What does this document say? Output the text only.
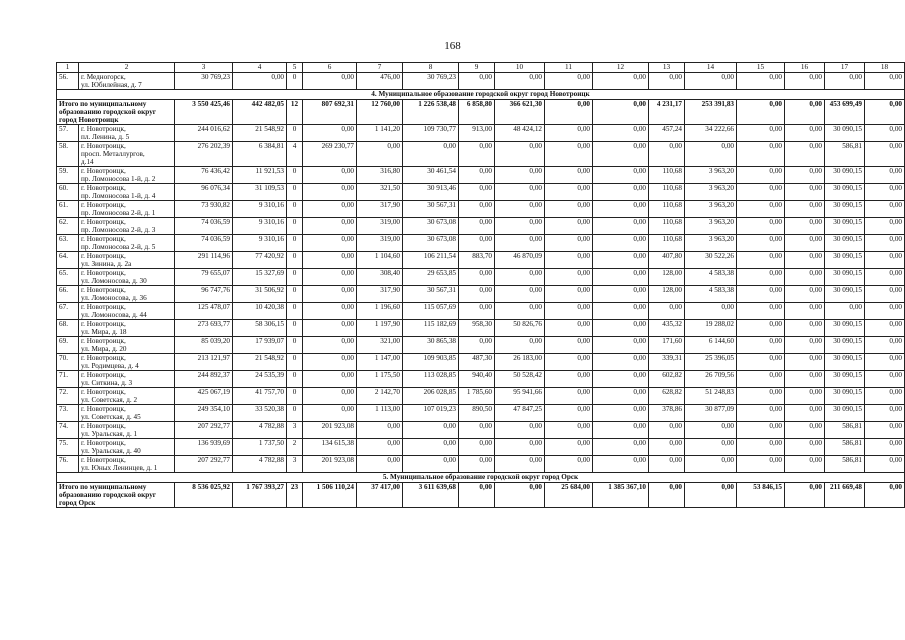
168
1	2	3	4	5	6	7	8	9	10	11	12	13	14	15	16	17	18
56.	г. Медногорск,
ул. Юбилейная, д. 7	30 769,23	0,00	0	0,00	476,00	30 769,23	0,00	0,00	0,00	0,00	0,00	0,00	0,00	0,00	0,00	0,00
4. Муниципальное образование городской округ город Новотроицк																	
Итого по муниципальному образованию городской округ город Новотроицк		3 550 425,46	442 482,05	12	807 692,31	12 760,00	1 226 538,48	6 858,80	366 621,30	0,00	0,00	4 231,17	253 391,83	0,00	0,00	453 699,49	0,00
57.	г. Новотроицк,
пл. Ленина, д. 5	244 016,62	21 548,92	0	0,00	1 141,20	109 730,77	913,00	48 424,12	0,00	0,00	457,24	34 222,66	0,00	0,00	30 090,15	0,00
58.	г. Новотроицк,
просп. Металлургов,
д.14	276 202,39	6 384,81	4	269 230,77	0,00	0,00	0,00	0,00	0,00	0,00	0,00	0,00	0,00	0,00	586,81	0,00
59.	г. Новотроицк,
пр. Ломоносова 1-й, д. 2	76 436,42	11 921,53	0	0,00	316,80	30 461,54	0,00	0,00	0,00	0,00	110,68	3 963,20	0,00	0,00	30 090,15	0,00
60.	г. Новотроицк,
пр. Ломоносова 1-й, д. 4	96 076,34	31 109,53	0	0,00	321,50	30 913,46	0,00	0,00	0,00	0,00	110,68	3 963,20	0,00	0,00	30 090,15	0,00
61.	г. Новотроицк,
пр. Ломоносова 2-й, д. 1	73 930,82	9 310,16	0	0,00	317,90	30 567,31	0,00	0,00	0,00	0,00	110,68	3 963,20	0,00	0,00	30 090,15	0,00
62.	г. Новотроицк,
пр. Ломоносова 2-й, д. 3	74 036,59	9 310,16	0	0,00	319,00	30 673,08	0,00	0,00	0,00	0,00	110,68	3 963,20	0,00	0,00	30 090,15	0,00
63.	г. Новотроицк,
пр. Ломоносова 2-й, д. 5	74 036,59	9 310,16	0	0,00	319,00	30 673,08	0,00	0,00	0,00	0,00	110,68	3 963,20	0,00	0,00	30 090,15	0,00
64.	г. Новотроицк,
ул. Зинина, д. 2а	291 114,96	77 420,92	0	0,00	1 104,60	106 211,54	883,70	46 870,09	0,00	0,00	407,80	30 522,26	0,00	0,00	30 090,15	0,00
65.	г. Новотроицк,
ул. Ломоносова, д. 30	79 655,07	15 327,69	0	0,00	308,40	29 653,85	0,00	0,00	0,00	0,00	128,00	4 583,38	0,00	0,00	30 090,15	0,00
66.	г. Новотроицк,
ул. Ломоносова, д. 36	96 747,76	31 506,92	0	0,00	317,90	30 567,31	0,00	0,00	0,00	0,00	128,00	4 583,38	0,00	0,00	30 090,15	0,00
67.	г. Новотроицк,
ул. Ломоносова, д. 44	125 478,07	10 420,38	0	0,00	1 196,60	115 057,69	0,00	0,00	0,00	0,00	0,00	0,00	0,00	0,00	0,00	0,00
68.	г. Новотроицк,
ул. Мира, д. 18	273 693,77	58 306,15	0	0,00	1 197,90	115 182,69	958,30	50 826,76	0,00	0,00	435,32	19 288,02	0,00	0,00	30 090,15	0,00
69.	г. Новотроицк,
ул. Мира, д. 20	85 039,20	17 939,07	0	0,00	321,00	30 865,38	0,00	0,00	0,00	0,00	171,60	6 144,60	0,00	0,00	30 090,15	0,00
70.	г. Новотроицк,
ул. Родимцева, д. 4	213 121,97	21 548,92	0	0,00	1 147,00	109 903,85	487,30	26 183,00	0,00	0,00	339,31	25 396,05	0,00	0,00	30 090,15	0,00
71.	г. Новотроицк,
ул. Ситкина, д. 3	244 892,37	24 535,39	0	0,00	1 175,50	113 028,85	940,40	50 528,42	0,00	0,00	602,82	26 709,56	0,00	0,00	30 090,15	0,00
72.	г. Новотроицк,
ул. Советская, д. 2	425 067,19	41 757,70	0	0,00	2 142,70	206 028,85	1 785,60	95 941,66	0,00	0,00	628,82	51 248,83	0,00	0,00	30 090,15	0,00
73.	г. Новотроицк,
ул. Советская, д. 45	249 354,10	33 520,38	0	0,00	1 113,00	107 019,23	890,50	47 847,25	0,00	0,00	378,86	30 877,09	0,00	0,00	30 090,15	0,00
74.	г. Новотроицк,
ул. Уральская, д. 1	207 292,77	4 782,88	3	201 923,08	0,00	0,00	0,00	0,00	0,00	0,00	0,00	0,00	0,00	0,00	586,81	0,00
75.	г. Новотроицк,
ул. Уральская, д. 40	136 939,69	1 737,50	2	134 615,38	0,00	0,00	0,00	0,00	0,00	0,00	0,00	0,00	0,00	0,00	586,81	0,00
76.	г. Новотроицк,
ул. Юных Ленинцев, д. 1	207 292,77	4 782,88	3	201 923,08	0,00	0,00	0,00	0,00	0,00	0,00	0,00	0,00	0,00	0,00	586,81	0,00
5. Муниципальное образование городской округ город Орск																	
Итого по муниципальному образованию городской округ город Орск		8 536 025,92	1 767 393,27	23	1 506 110,24	37 417,00	3 611 639,68	0,00	0,00	25 684,00	1 385 367,10	0,00	0,00	53 846,15	0,00	211 669,48	0,00
